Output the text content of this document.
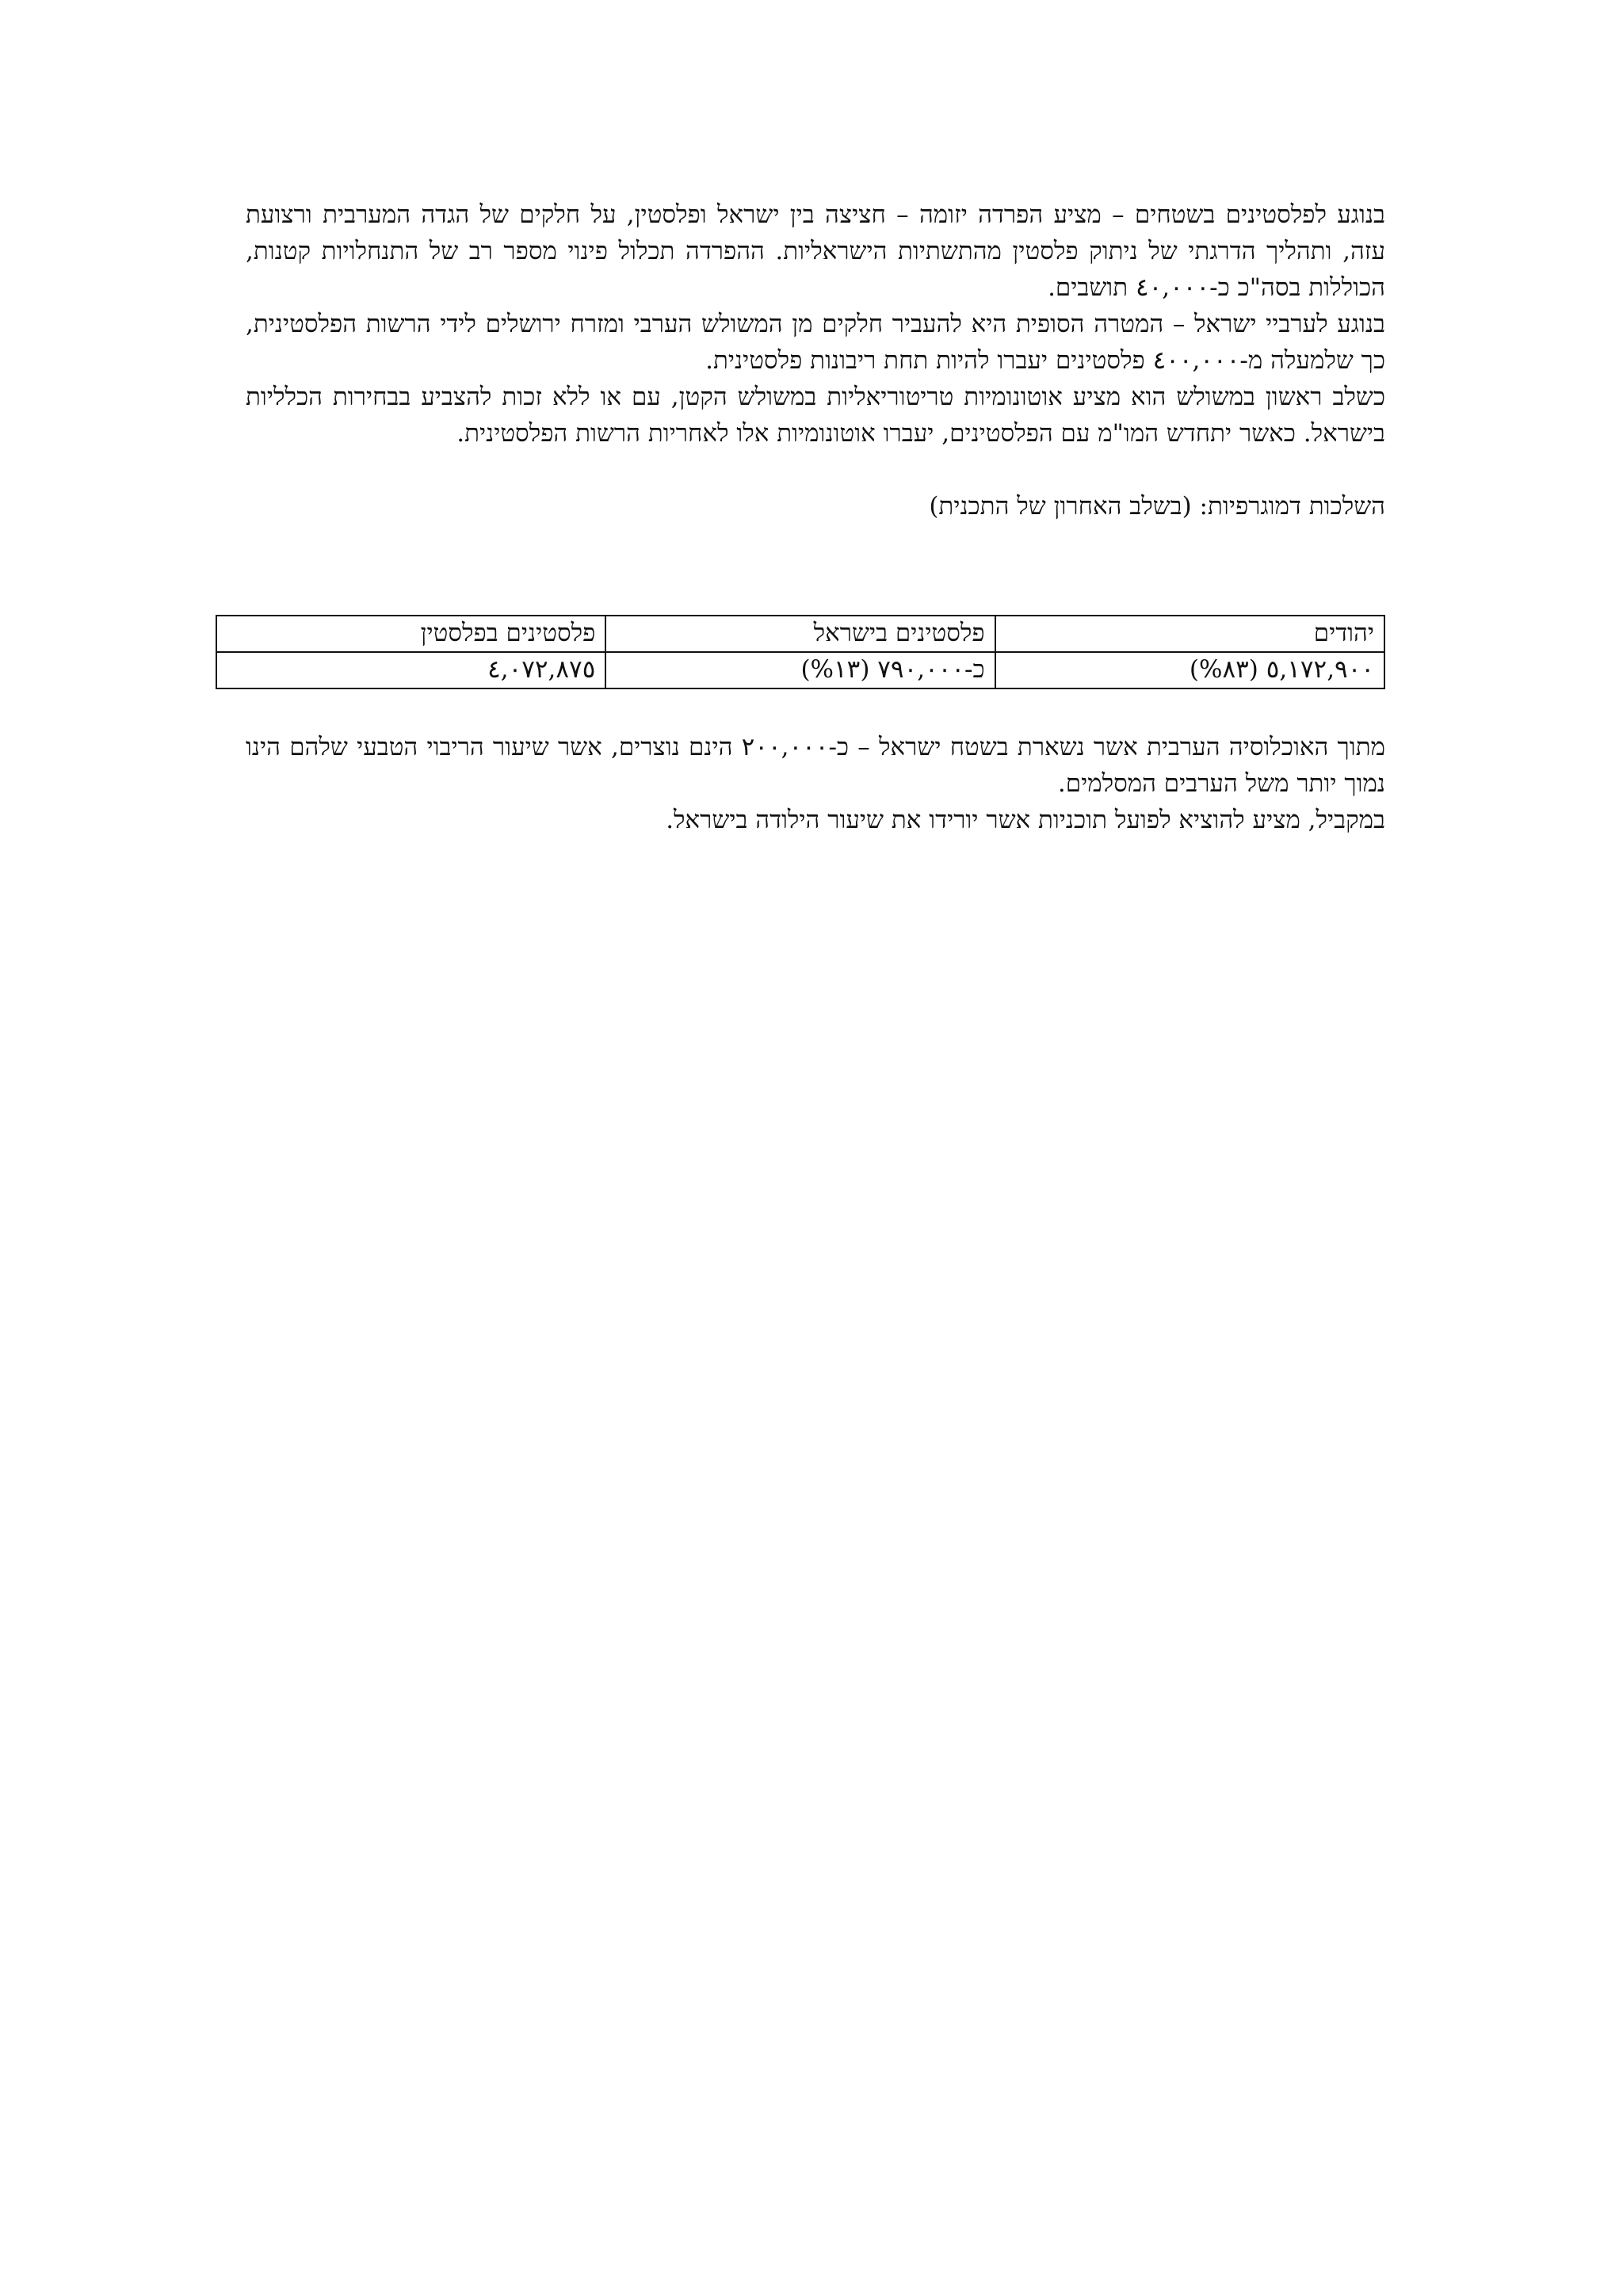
בנוגע לפלסטינים בשטחים – מציע הפרדה יזומה – חציצה בין ישראל ופלסטין, על חלקים של הגדה המערבית ורצועת עזה, ותהליך הדרגתי של ניתוק פלסטין מהתשתיות הישראליות. ההפרדה תכלול פינוי מספר רב של התנחלויות קטנות, הכוללות בסה"כ כ-٤٠,٠٠٠ תושבים.

בנוגע לערביי ישראל – המטרה הסופית היא להעביר חלקים מן המשולש הערבי ומזרח ירושלים לידי הרשות הפלסטינית, כך שלמעלה מ-٤٠٠,٠٠٠ פלסטינים יעברו להיות תחת ריבונות פלסטינית.

כשלב ראשון במשולש הוא מציע אוטונומיות טריטוריאליות במשולש הקטן, עם או ללא זכות להצביע בבחירות הכלליות בישראל. כאשר יתחדש המו"מ עם הפלסטינים, יעברו אוטונומיות אלו לאחריות הרשות הפלסטינית.

השלכות דמוגרפיות: (בשלב האחרון של התכנית)

יהודים	פלסטינים בישראל	פלסטינים בפלסטין
٥,١٧٢,٩٠٠ (٨٣%)	כ-٧٩٠,٠٠٠ (١٣%)	٤,٠٧٢,٨٧٥

מתוך האוכלוסיה הערבית אשר נשארת בשטח ישראל – כ-٢٠٠,٠٠٠ הינם נוצרים, אשר שיעור הריבוי הטבעי שלהם הינו נמוך יותר משל הערבים המסלמים.

במקביל, מציע להוציא לפועל תוכניות אשר יורידו את שיעור הילודה בישראל.
